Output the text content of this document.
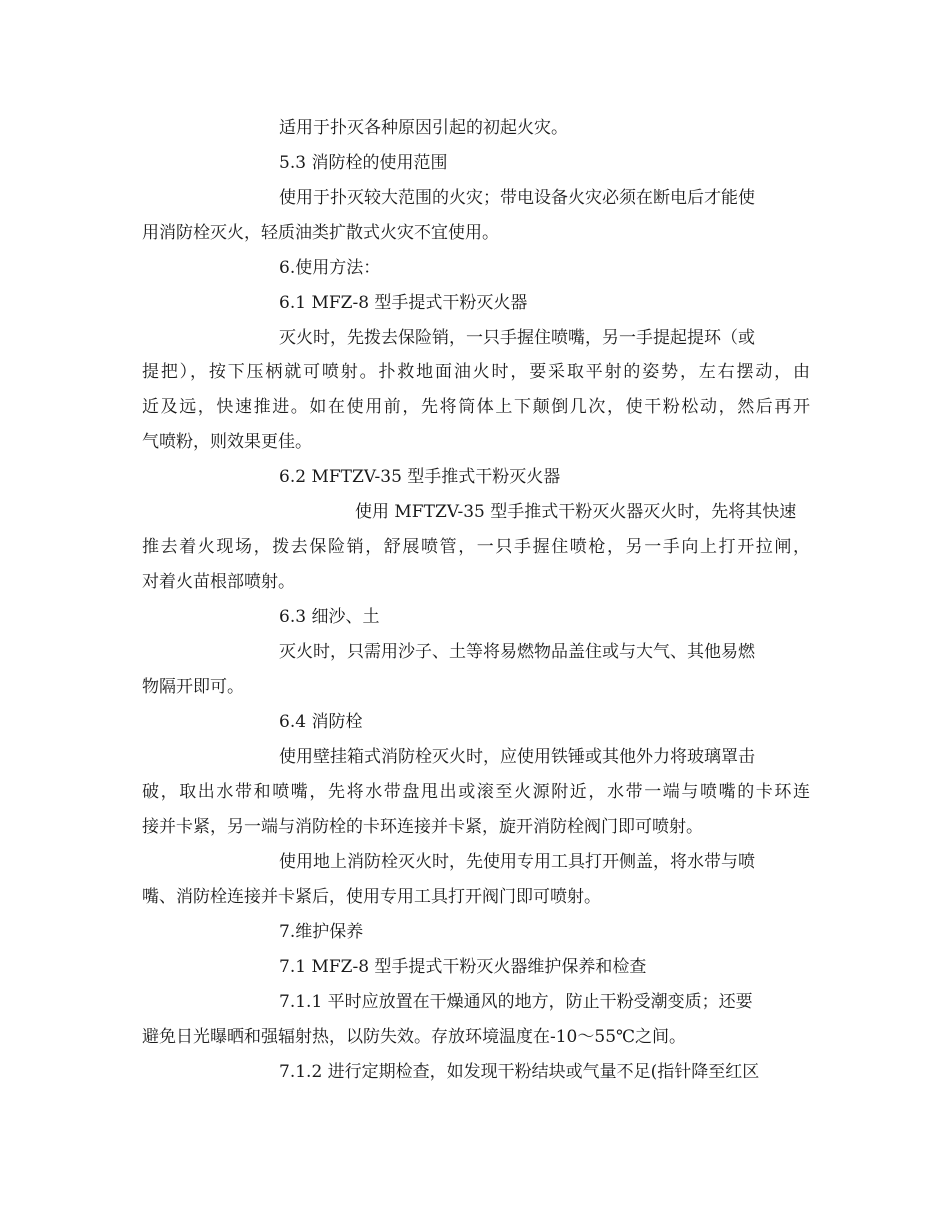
适用于扑灭各种原因引起的初起火灾。
5.3 消防栓的使用范围
使用于扑灭较大范围的火灾；带电设备火灾必须在断电后才能使
用消防栓灭火，轻质油类扩散式火灾不宜使用。
6.使用方法：
6.1 MFZ-8 型手提式干粉灭火器
灭火时，先拨去保险销，一只手握住喷嘴，另一手提起提环（或
提把），按下压柄就可喷射。扑救地面油火时，要采取平射的姿势，左右摆动，由
近及远，快速推进。如在使用前，先将筒体上下颠倒几次，使干粉松动，然后再开
气喷粉，则效果更佳。
6.2 MFTZV-35 型手推式干粉灭火器
使用 MFTZV-35 型手推式干粉灭火器灭火时，先将其快速
推去着火现场，拨去保险销，舒展喷管，一只手握住喷枪，另一手向上打开拉闸，
对着火苗根部喷射。
6.3 细沙、土
灭火时，只需用沙子、土等将易燃物品盖住或与大气、其他易燃
物隔开即可。
6.4 消防栓
使用壁挂箱式消防栓灭火时，应使用铁锤或其他外力将玻璃罩击
破，取出水带和喷嘴，先将水带盘甩出或滚至火源附近，水带一端与喷嘴的卡环连
接并卡紧，另一端与消防栓的卡环连接并卡紧，旋开消防栓阀门即可喷射。
使用地上消防栓灭火时，先使用专用工具打开侧盖，将水带与喷
嘴、消防栓连接并卡紧后，使用专用工具打开阀门即可喷射。
7.维护保养
7.1 MFZ-8 型手提式干粉灭火器维护保养和检查
7.1.1 平时应放置在干燥通风的地方，防止干粉受潮变质；还要
避免日光曝晒和强辐射热，以防失效。存放环境温度在-10～55℃之间。
7.1.2 进行定期检查，如发现干粉结块或气量不足(指针降至红区
